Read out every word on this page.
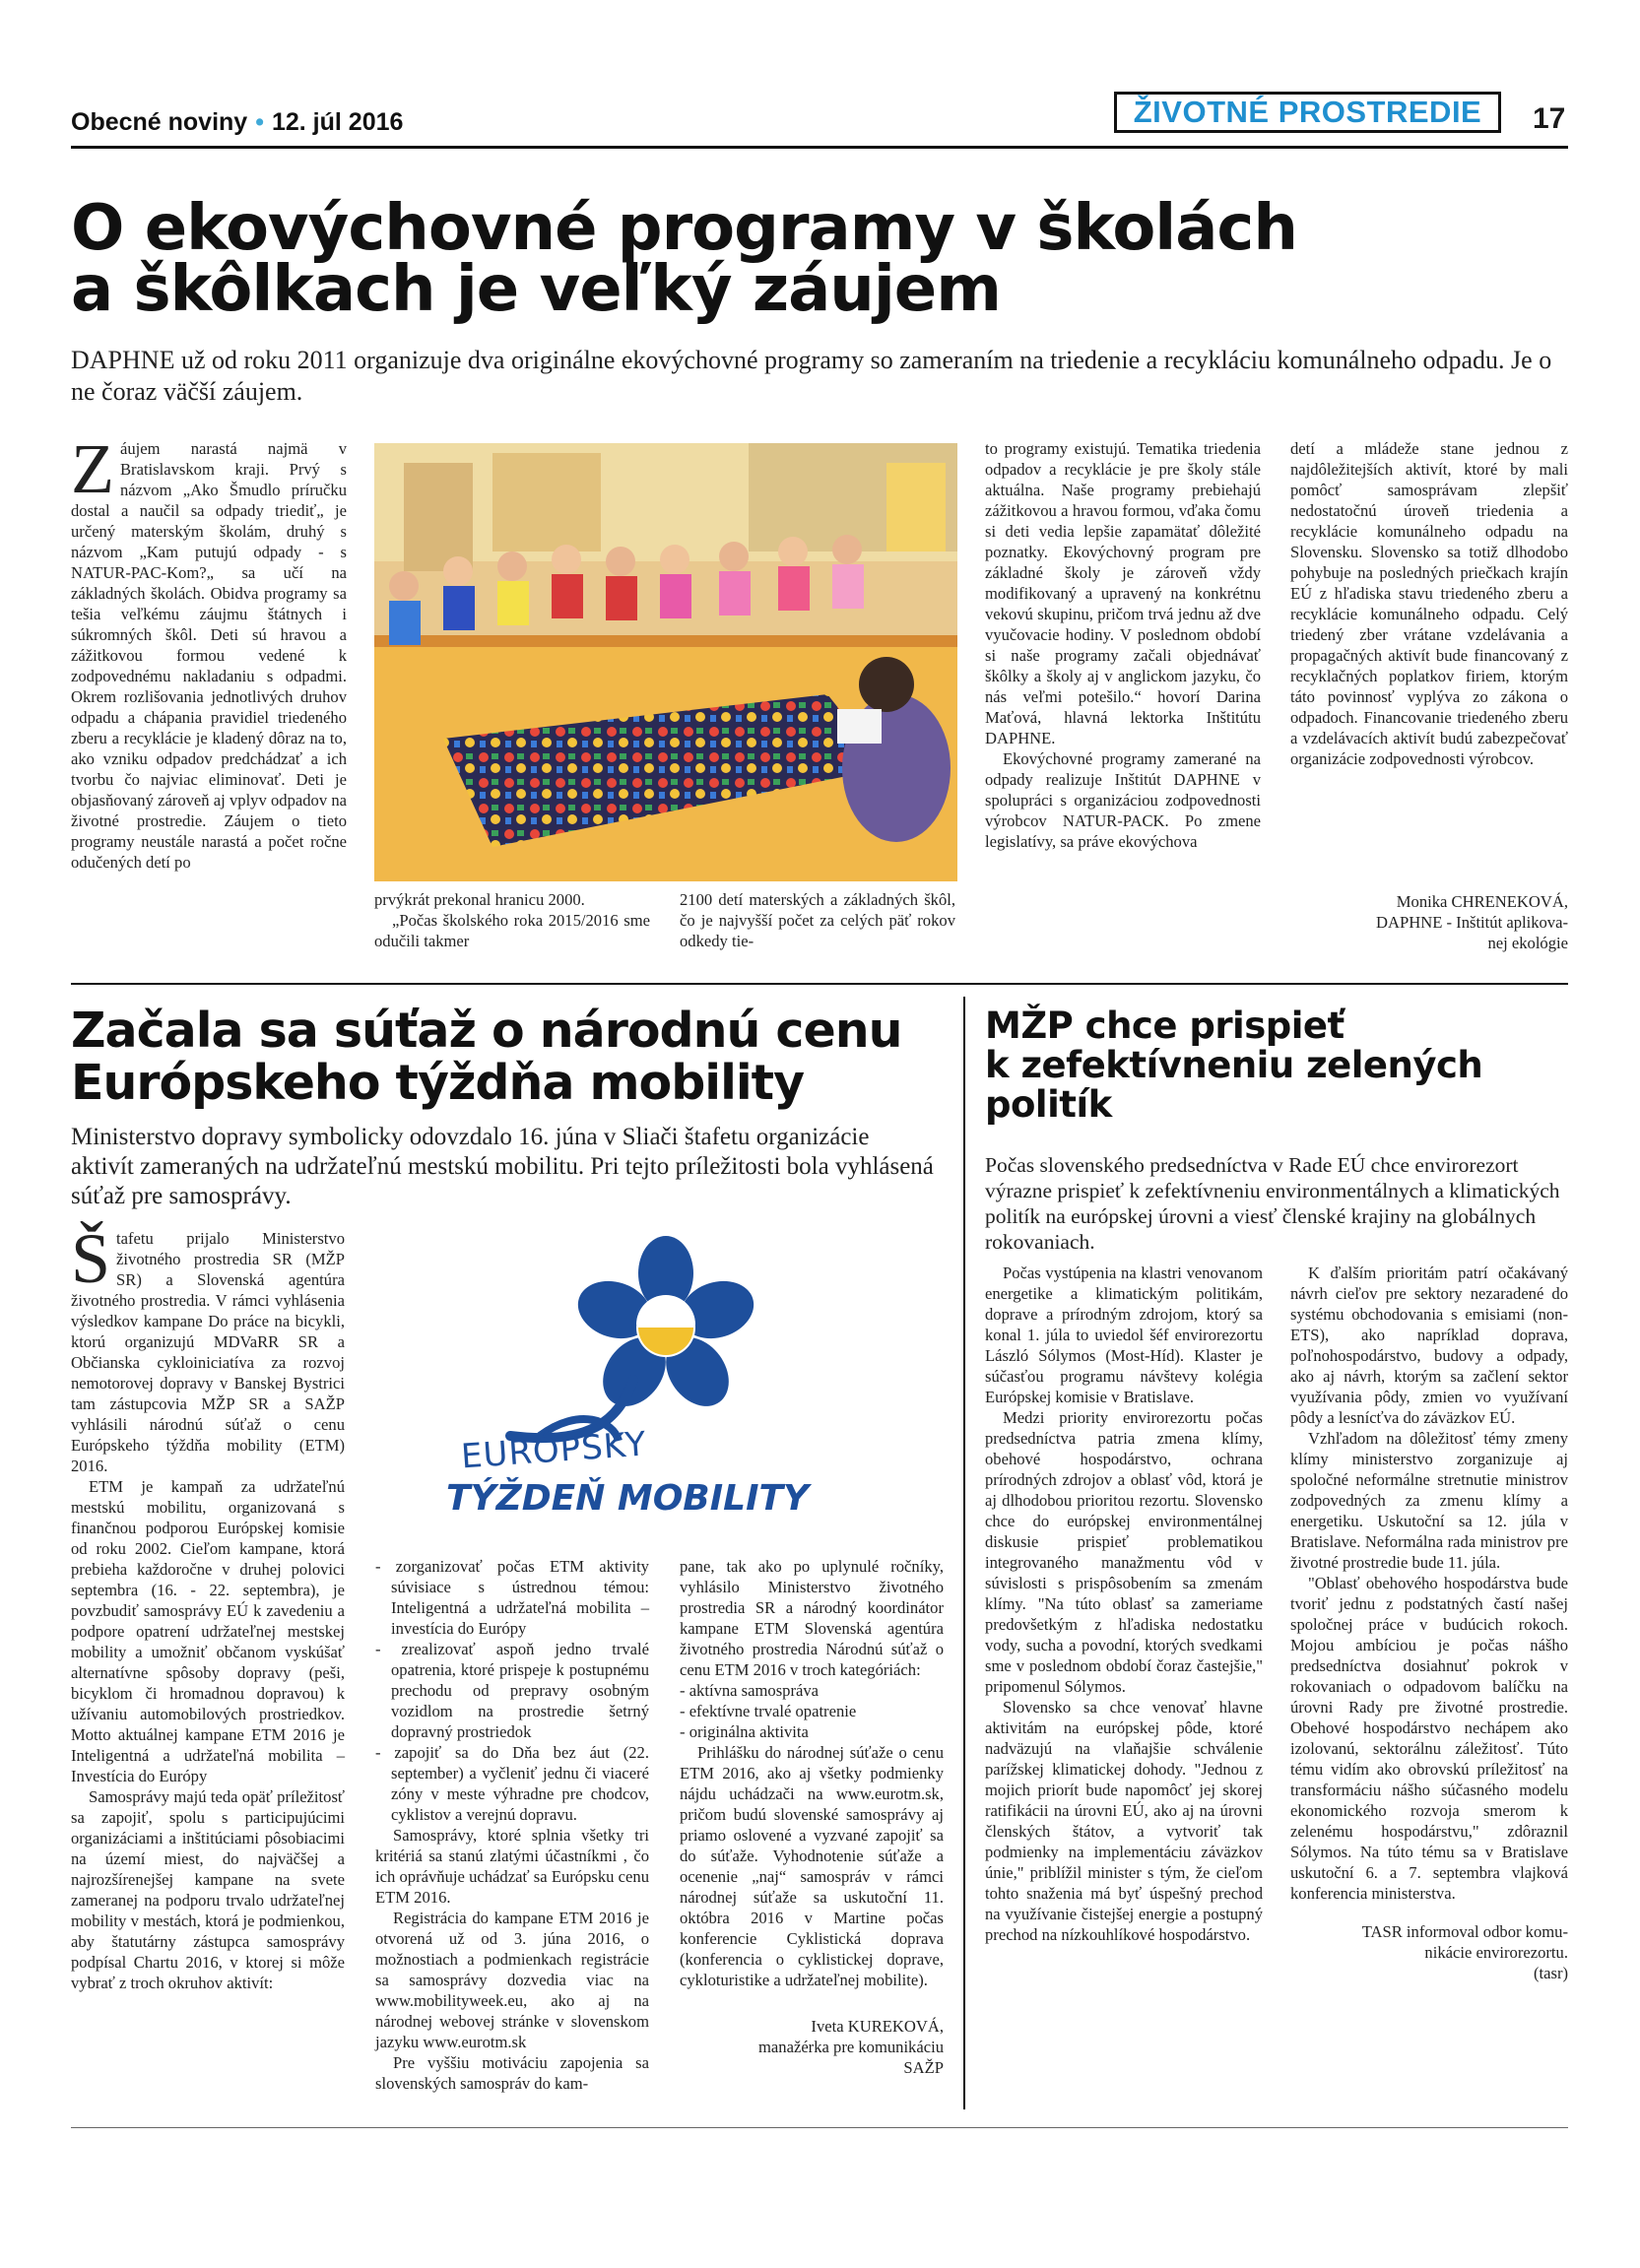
Obecné noviny • 12. júl 2016	ŽIVOTNÉ PROSTREDIE	17
O ekovýchovné programy v školách
a škôlkach je veľký záujem
DAPHNE už od roku 2011 organizuje dva originálne ekovýchovné programy so zameraním na triedenie a recykláciu komunálneho odpadu. Je o ne čoraz väčší záujem.

Záujem narastá najmä v Bratislavskom kraji. Prvý s názvom „Ako Šmudlo príručku dostal a naučil sa odpady triediť„ je určený materským školám, druhý s názvom „Kam putujú odpady - s NATUR-PAC-Kom?„ sa učí na základných školách. Obidva programy sa tešia veľkému záujmu štátnych i súkromných škôl. Deti sú hravou a zážitkovou formou vedené k zodpovednému nakladaniu s odpadmi. Okrem rozlišovania jednotlivých druhov odpadu a chápania pravidiel triedeného zberu a recyklácie je kladený dôraz na to, ako vzniku odpadov predchádzať a ich tvorbu čo najviac eliminovať. Deti je objasňovaný zároveň aj vplyv odpadov na životné prostredie. Záujem o tieto programy neustále narastá a počet ročne odučených detí po

prvýkrát prekonal hranicu 2000.

„Počas školského roka 2015/2016 sme odučili takmer

2100 detí materských a základných škôl, čo je najvyšší počet za celých päť rokov odkedy tie-

to programy existujú. Tematika triedenia odpadov a recyklácie je pre školy stále aktuálna. Naše programy prebiehajú zážitkovou a hravou formou, vďaka čomu si deti vedia lepšie zapamätať dôležité poznatky. Ekovýchovný program pre základné školy je zároveň vždy modifikovaný a upravený na konkrétnu vekovú skupinu, pričom trvá jednu až dve vyučovacie hodiny. V poslednom období si naše programy začali objednávať škôlky a školy aj v anglickom jazyku, čo nás veľmi potešilo.“ hovorí Darina Maťová, hlavná lektorka Inštitútu DAPHNE.

Ekovýchovné programy zamerané na odpady realizuje Inštitút DAPHNE v spolupráci s organizáciou zodpovednosti výrobcov NATUR-PACK. Po zmene legislatívy, sa práve ekovýchova

detí a mládeže stane jednou z najdôležitejších aktivít, ktoré by mali pomôcť samosprávam zlepšiť nedostatočnú úroveň triedenia a recyklácie komunálneho odpadu na Slovensku. Slovensko sa totiž dlhodobo pohybuje na posledných priečkach krajín EÚ z hľadiska stavu triedeného zberu a recyklácie komunálneho odpadu. Celý triedený zber vrátane vzdelávania a propagačných aktivít bude financovaný z recyklačných poplatkov firiem, ktorým táto povinnosť vyplýva zo zákona o odpadoch. Financovanie triedeného zberu a vzdelávacích aktivít budú zabezpečovať organizácie zodpovednosti výrobcov.

Monika CHRENEKOVÁ,
DAPHNE - Inštitút aplikova-
nej ekológie
Začala sa súťaž o národnú cenu
Európskeho týždňa mobility
Ministerstvo dopravy symbolicky odovzdalo 16. júna v Sliači štafetu organizácie aktivít zameraných na udržateľnú mestskú mobilitu. Pri tejto príležitosti bola vyhlásená súťaž pre samosprávy.

Štafetu prijalo Ministerstvo životného prostredia SR (MŽP SR) a Slovenská agentúra životného prostredia. V rámci vyhlásenia výsledkov kampane Do práce na bicykli, ktorú organizujú MDVaRR SR a Občianska cykloiniciatíva za rozvoj nemotorovej dopravy v Banskej Bystrici tam zástupcovia MŽP SR a SAŽP vyhlásili národnú súťaž o cenu Európskeho týždňa mobility (ETM) 2016.

ETM je kampaň za udržateľnú mestskú mobilitu, organizovaná s finančnou podporou Európskej komisie od roku 2002. Cieľom kampane, ktorá prebieha každoročne v druhej polovici septembra (16. - 22. septembra), je povzbudiť samosprávy EÚ k zavedeniu a podpore opatrení udržateľnej mestskej mobility a umožniť občanom vyskúšať alternatívne spôsoby dopravy (peši, bicyklom či hromadnou dopravou) k užívaniu automobilových prostriedkov. Motto aktuálnej kampane ETM 2016 je Inteligentná a udržateľná mobilita – Investícia do Európy

Samosprávy majú teda opäť príležitosť sa zapojiť, spolu s participujúcimi organizáciami a inštitúciami pôsobiacimi na území miest, do najväčšej a najrozšírenejšej kampane na svete zameranej na podporu trvalo udržateľnej mobility v mestách, ktorá je podmienkou, aby štatutárny zástupca samosprávy podpísal Chartu 2016, v ktorej si môže vybrať z troch okruhov aktivít:

EURÓPSKY
TÝŽDEŇ MOBILITY
- zorganizovať počas ETM aktivity súvisiace s ústrednou témou: Inteligentná a udržateľná mobilita – investícia do Európy
- zrealizovať aspoň jedno trvalé opatrenia, ktoré prispeje k postupnému prechodu od prepravy osobným vozidlom na prostredie šetrný dopravný prostriedok
- zapojiť sa do Dňa bez áut (22. september) a vyčleniť jednu či viaceré zóny v meste výhradne pre chodcov, cyklistov a verejnú dopravu.

Samosprávy, ktoré splnia všetky tri kritériá sa stanú zlatými účastníkmi , čo ich oprávňuje uchádzať sa Európsku cenu ETM 2016.

Registrácia do kampane ETM 2016 je otvorená už od 3. júna 2016, o možnostiach a podmienkach registrácie sa samosprávy dozvedia viac na www.mobilityweek.eu, ako aj na národnej webovej stránke v slovenskom jazyku www.eurotm.sk

Pre vyššiu motiváciu zapojenia sa slovenských samospráv do kam-

pane, tak ako po uplynulé ročníky, vyhlásilo Ministerstvo životného prostredia SR a národný koordinátor kampane ETM Slovenská agentúra životného prostredia Národnú súťaž o cenu ETM 2016 v troch kategóriách:

- aktívna samospráva
- efektívne trvalé opatrenie
- originálna aktivita

Prihlášku do národnej súťaže o cenu ETM 2016, ako aj všetky podmienky nájdu uchádzači na www.eurotm.sk, pričom budú slovenské samosprávy aj priamo oslovené a vyzvané zapojiť sa do súťaže. Vyhodnotenie súťaže a ocenenie „naj“ samospráv v rámci národnej súťaže sa uskutoční 11. októbra 2016 v Martine počas konferencie Cyklistická doprava (konferencia o cyklistickej doprave, cykloturistike a udržateľnej mobilite).

Iveta KUREKOVÁ,
manažérka pre komunikáciu
SAŽP
MŽP chce prispieť
k zefektívneniu zelených
politík
Počas slovenského predsedníctva v Rade EÚ chce envirorezort výrazne prispieť k zefektívneniu environmentálnych a klimatických politík na európskej úrovni a viesť členské krajiny na globálnych rokovaniach.

Počas vystúpenia na klastri venovanom energetike a klimatickým politikám, doprave a prírodným zdrojom, ktorý sa konal 1. júla to uviedol šéf envirorezortu László Sólymos (Most-Híd). Klaster je súčasťou programu návštevy kolégia Európskej komisie v Bratislave.

Medzi priority envirorezortu počas predsedníctva patria zmena klímy, obehové hospodárstvo, ochrana prírodných zdrojov a oblasť vôd, ktorá je aj dlhodobou prioritou rezortu. Slovensko chce do európskej environmentálnej diskusie prispieť problematikou integrovaného manažmentu vôd v súvislosti s prispôsobením sa zmenám klímy. "Na túto oblasť sa zameriame predovšetkým z hľadiska nedostatku vody, sucha a povodní, ktorých svedkami sme v poslednom období čoraz častejšie," pripomenul Sólymos.

Slovensko sa chce venovať hlavne aktivitám na európskej pôde, ktoré nadväzujú na vlaňajšie schválenie parížskej klimatickej dohody. "Jednou z mojich priorít bude napomôcť jej skorej ratifikácii na úrovni EÚ, ako aj na úrovni členských štátov, a vytvoriť tak podmienky na implementáciu záväzkov únie," priblížil minister s tým, že cieľom tohto snaženia má byť úspešný prechod na využívanie čistejšej energie a postupný prechod na nízkouhlíkové hospodárstvo.

K ďalším prioritám patrí očakávaný návrh cieľov pre sektory nezaradené do systému obchodovania s emisiami (non-ETS), ako napríklad doprava, poľnohospodárstvo, budovy a odpady, ako aj návrh, ktorým sa začlení sektor využívania pôdy, zmien vo využívaní pôdy a lesnícťva do záväzkov EÚ.

Vzhľadom na dôležitosť témy zmeny klímy ministerstvo zorganizuje aj spoločné neformálne stretnutie ministrov zodpovedných za zmenu klímy a energetiku. Uskutoční sa 12. júla v Bratislave. Neformálna rada ministrov pre životné prostredie bude 11. júla.

"Oblasť obehového hospodárstva bude tvoriť jednu z podstatných častí našej spoločnej práce v budúcich rokoch. Mojou ambíciou je počas nášho predsedníctva dosiahnuť pokrok v rokovaniach o odpadovom balíčku na úrovni Rady pre životné prostredie. Obehové hospodárstvo nechápem ako izolovanú, sektorálnu záležitosť. Túto tému vidím ako obrovskú príležitosť na transformáciu nášho súčasného modelu ekonomického rozvoja smerom k zelenému hospodárstvu," zdôraznil Sólymos. Na túto tému sa v Bratislave uskutoční 6. a 7. septembra vlajková konferencia ministerstva.

TASR informoval odbor komu-
nikácie envirorezortu.
(tasr)
